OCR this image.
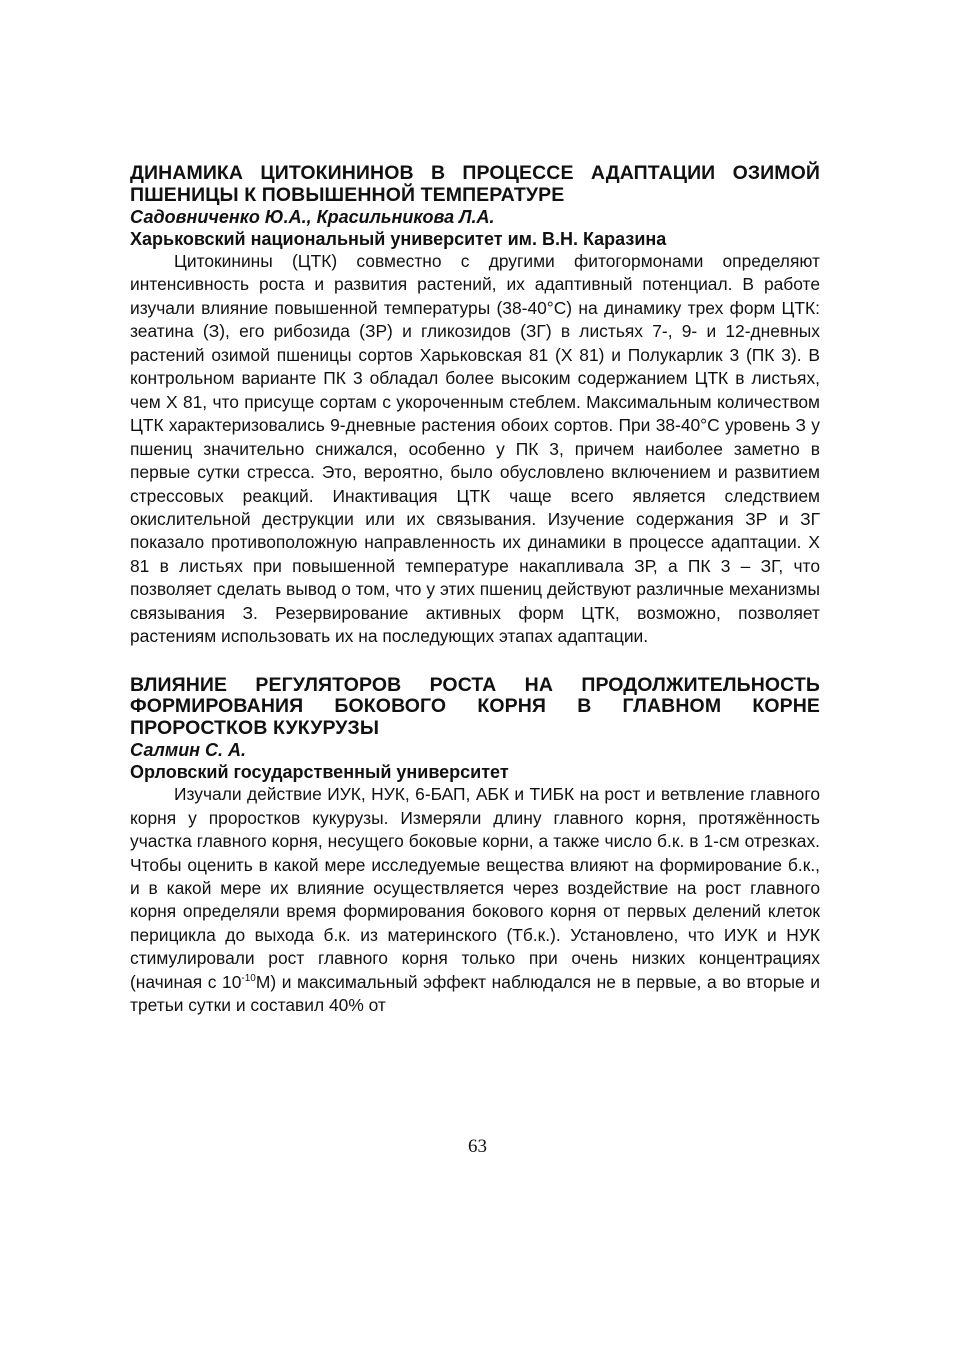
ДИНАМИКА ЦИТОКИНИНОВ В ПРОЦЕССЕ АДАПТАЦИИ ОЗИМОЙ ПШЕНИЦЫ К ПОВЫШЕННОЙ ТЕМПЕРАТУРЕ

Садовниченко Ю.А., Красильникова Л.А.

Харьковский национальный университет им. В.Н. Каразина

Цитокинины (ЦТК) совместно с другими фитогормонами определяют интенсивность роста и развития растений, их адаптивный потенциал. В работе изучали влияние повышенной температуры (38-40°С) на динамику трех форм ЦТК: зеатина (З), его рибозида (ЗР) и гликозидов (ЗГ) в листьях 7-, 9- и 12-дневных растений озимой пшеницы сортов Харьковская 81 (Х 81) и Полукарлик 3 (ПК 3). В контрольном варианте ПК 3 обладал более высоким содержанием ЦТК в листьях, чем Х 81, что присуще сортам с укороченным стеблем. Максимальным количеством ЦТК характеризовались 9-дневные растения обоих сортов. При 38-40°С уровень З у пшениц значительно снижался, особенно у ПК 3, причем наиболее заметно в первые сутки стресса. Это, вероятно, было обусловлено включением и развитием стрессовых реакций. Инактивация ЦТК чаще всего является следствием окислительной деструкции или их связывания. Изучение содержания ЗР и ЗГ показало противоположную направленность их динамики в процессе адаптации. Х 81 в листьях при повышенной температуре накапливала ЗР, а ПК 3 – ЗГ, что позволяет сделать вывод о том, что у этих пшениц действуют различные механизмы связывания З. Резервирование активных форм ЦТК, возможно, позволяет растениям использовать их на последующих этапах адаптации.

ВЛИЯНИЕ РЕГУЛЯТОРОВ РОСТА НА ПРОДОЛЖИТЕЛЬНОСТЬ ФОРМИРОВАНИЯ БОКОВОГО КОРНЯ В ГЛАВНОМ КОРНЕ ПРОРОСТКОВ КУКУРУЗЫ

Салмин С. А.

Орловский государственный университет

Изучали действие ИУК, НУК, 6-БАП, АБК и ТИБК на рост и ветвление главного корня у проростков кукурузы. Измеряли длину главного корня, протяжённость участка главного корня, несущего боковые корни, а также число б.к. в 1-см отрезках. Чтобы оценить в какой мере исследуемые вещества влияют на формирование б.к., и в какой мере их влияние осуществляется через воздействие на рост главного корня определяли время формирования бокового корня от первых делений клеток перицикла до выхода б.к. из материнского (Тб.к.). Установлено, что ИУК и НУК стимулировали рост главного корня только при очень низких концентрациях (начиная с $10^{-10}М$) и максимальный эффект наблюдался не в первые, а во вторые и третьи сутки и составил 40% от

63
